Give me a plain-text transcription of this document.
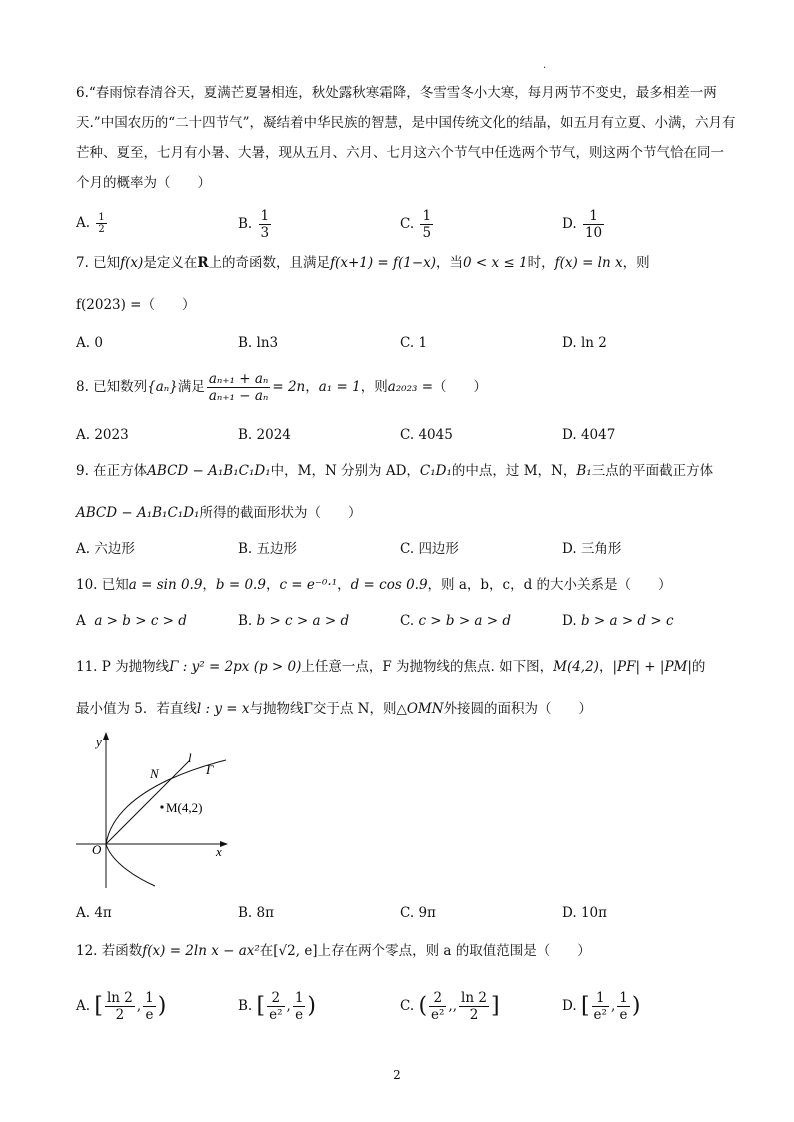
.
6.“春雨惊春清谷天，夏满芒夏暑相连，秋处露秋寒霜降，冬雪雪冬小大寒，每月两节不变史，最多相差一两天.”中国农历的“二十四节气”，凝结着中华民族的智慧，是中国传统文化的结晶，如五月有立夏、小满，六月有芒种、夏至，七月有小暑、大暑，现从五月、六月、七月这六个节气中任选两个节气，则这两个节气恰在同一个月的概率为（　　）
A. $\frac{1}{2}$	B. $\frac{1}{3}$	C. $\frac{1}{5}$	D. $\frac{1}{10}$
7. 已知f(x)是定义在R上的奇函数，且满足f(x+1) = f(1−x)，当0 < x ≤ 1时，f(x) = ln x，则
f(2023) =（　　）
A. 0	B. ln3	C. 1	D. ln 2
8. 已知数列{aₙ}满足 $\frac{\text{aₙ₊₁ + aₙ}}{\text{aₙ₊₁ − aₙ}} = 2n$，a₁ = 1，则a₂₀₂₃ =（　　）
A. 2023	B. 2024	C. 4045	D. 4047
9. 在正方体ABCD − A₁B₁C₁D₁中，M，N 分别为 AD，C₁D₁的中点，过 M，N，B₁三点的平面截正方体
ABCD − A₁B₁C₁D₁所得的截面形状为（　　）
A. 六边形	B. 五边形	C. 四边形	D. 三角形
10. 已知a = sin 0.9，b = 0.9，c = e⁻⁰·¹，d = cos 0.9，则 a，b，c，d 的大小关系是（　　）
A a > b > c > d	B. b > c > a > d	C. c > b > a > d	D. b > a > d > c
11. P 为抛物线Γ : y² = 2px (p > 0)上任意一点，F 为抛物线的焦点. 如下图，M(4,2)，|PF| + |PM|的
最小值为 5．若直线l : y = x与抛物线Γ交于点 N，则△OMN外接圆的面积为（　　）
y
x
O
l
Γ
N
M(4,2)
A. 4π	B. 8π	C. 9π	D. 10π
12. 若函数f(x) = 2ln x − ax²在[√2, e]上存在两个零点，则 a 的取值范围是（　　）
A. [ $\frac{\ln 2}{2}$ , $\frac{1}{e}$ )	B. [ $\frac{2}{\text{e²}}$ , $\frac{1}{e}$ )	C. ( $\frac{2}{\text{e²}}$ ,, $\frac{\ln 2}{2}$ ]	D. [ $\frac{1}{\text{e²}}$ , $\frac{1}{e}$ )
2
